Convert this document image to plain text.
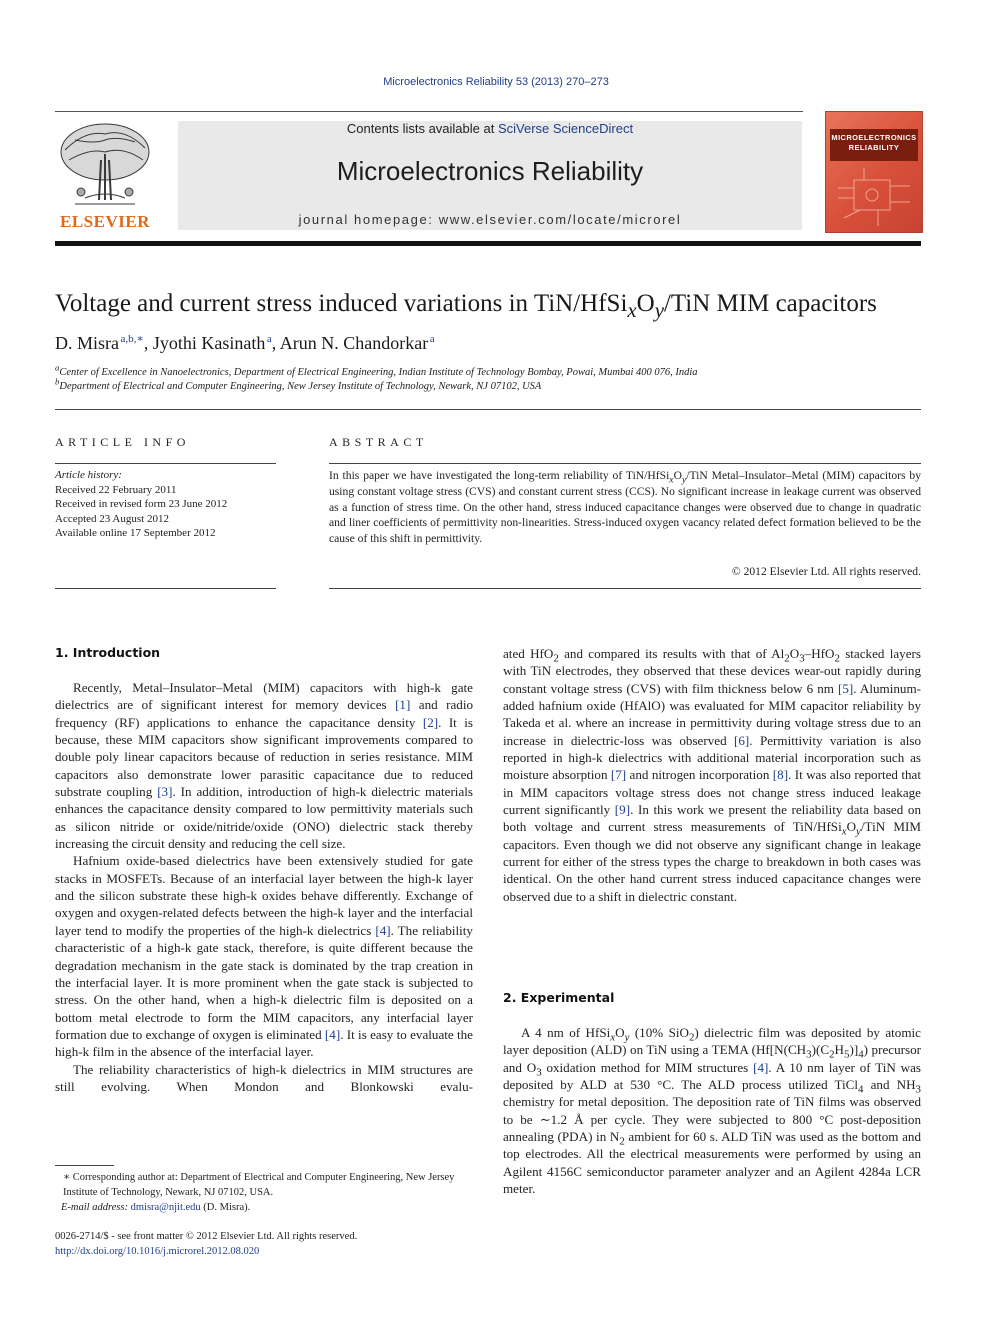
Microelectronics Reliability 53 (2013) 270–273
ELSEVIER
Contents lists available at SciVerse ScienceDirect
Microelectronics Reliability
journal homepage: www.elsevier.com/locate/microrel
MICROELECTRONICS
RELIABILITY
Voltage and current stress induced variations in TiN/$HfSi_xO_y$/TiN MIM capacitors
D. Misra  $^{a,b,∗}$, Jyothi Kasinath  $^a$, Arun N. Chandorkar  $^a$
$^a$Center of Excellence in Nanoelectronics, Department of Electrical Engineering, Indian Institute of Technology Bombay, Powai, Mumbai 400 076, India
$^b$Department of Electrical and Computer Engineering, New Jersey Institute of Technology, Newark, NJ 07102, USA
ARTICLE INFO	ABSTRACT
Article history:
Received 22 February 2011
Received in revised form 23 June 2012
Accepted 23 August 2012
Available online 17 September 2012
In this paper we have investigated the long-term reliability of TiN/$HfSi_xO_y$/TiN Metal–Insulator–Metal (MIM) capacitors by using constant voltage stress (CVS) and constant current stress (CCS). No significant increase in leakage current was observed as a function of stress time. On the other hand, stress induced capacitance changes were observed due to change in quadratic and liner coefficients of permittivity non-linearities. Stress-induced oxygen vacancy related defect formation believed to be the cause of this shift in permittivity.
© 2012 Elsevier Ltd. All rights reserved.
1. Introduction

Recently, Metal–Insulator–Metal (MIM) capacitors with high-k gate dielectrics are of significant interest for memory devices [1] and radio frequency (RF) applications to enhance the capacitance density [2]. It is because, these MIM capacitors show significant improvements compared to double poly linear capacitors because of reduction in series resistance. MIM capacitors also demonstrate lower parasitic capacitance due to reduced substrate coupling [3]. In addition, introduction of high-k dielectric materials enhances the capacitance density compared to low permittivity materials such as silicon nitride or oxide/nitride/oxide (ONO) dielectric stack thereby increasing the circuit density and reducing the cell size.

Hafnium oxide-based dielectrics have been extensively studied for gate stacks in MOSFETs. Because of an interfacial layer between the high-k layer and the silicon substrate these high-k oxides behave differently. Exchange of oxygen and oxygen-related defects between the high-k layer and the interfacial layer tend to modify the properties of the high-k dielectrics [4]. The reliability characteristic of a high-k gate stack, therefore, is quite different because the degradation mechanism in the gate stack is dominated by the trap creation in the interfacial layer. It is more prominent when the gate stack is subjected to stress. On the other hand, when a high-k dielectric film is deposited on a bottom metal electrode to form the MIM capacitors, any interfacial layer formation due to exchange of oxygen is eliminated [4]. It is easy to evaluate the high-k film in the absence of the interfacial layer.

The reliability characteristics of high-k dielectrics in MIM structures are still evolving. When Mondon and Blonkowski evalu-

ated HfO$_2$ and compared its results with that of $Al_2O_3-HfO_2$ stacked layers with TiN electrodes, they observed that these devices wear-out rapidly during constant voltage stress (CVS) with film thickness below 6 nm [5]. Aluminum-added hafnium oxide (HfAlO) was evaluated for MIM capacitor reliability by Takeda et al. where an increase in permittivity during voltage stress due to an increase in dielectric-loss was observed [6]. Permittivity variation is also reported in high-k dielectrics with additional material incorporation such as moisture absorption [7] and nitrogen incorporation [8]. It was also reported that in MIM capacitors voltage stress does not change stress induced leakage current significantly [9]. In this work we present the reliability data based on both voltage and current stress measurements of TiN/$HfSi_xO_y$/TiN MIM capacitors. Even though we did not observe any significant change in leakage current for either of the stress types the charge to breakdown in both cases was identical. On the other hand current stress induced capacitance changes were observed due to a shift in dielectric constant.

2. Experimental

A 4 nm of $HfSi_xO_y$ (10% SiO$_2$) dielectric film was deposited by atomic layer deposition (ALD) on TiN using a TEMA $(Hf[N(CH_3)(C_2H_5)]_4)$ precursor and $O_3$ oxidation method for MIM structures [4]. A 10 nm layer of TiN was deposited by ALD at 530 °C. The ALD process utilized TiCl$_4$ and $NH_3$ chemistry for metal deposition. The deposition rate of TiN films was observed to be ∼1.2 Å per cycle. They were subjected to 800 °C post-deposition annealing (PDA) in $N_2$ ambient for 60 s. ALD TiN was used as the bottom and top electrodes. All the electrical measurements were performed by using an Agilent 4156C semiconductor parameter analyzer and an Agilent 4284a LCR meter.

∗ Corresponding author at: Department of Electrical and Computer Engineering, New Jersey Institute of Technology, Newark, NJ 07102, USA.
E-mail address: dmisra@njit.edu (D. Misra).
0026-2714/$ - see front matter © 2012 Elsevier Ltd. All rights reserved.
http://dx.doi.org/10.1016/j.microrel.2012.08.020
